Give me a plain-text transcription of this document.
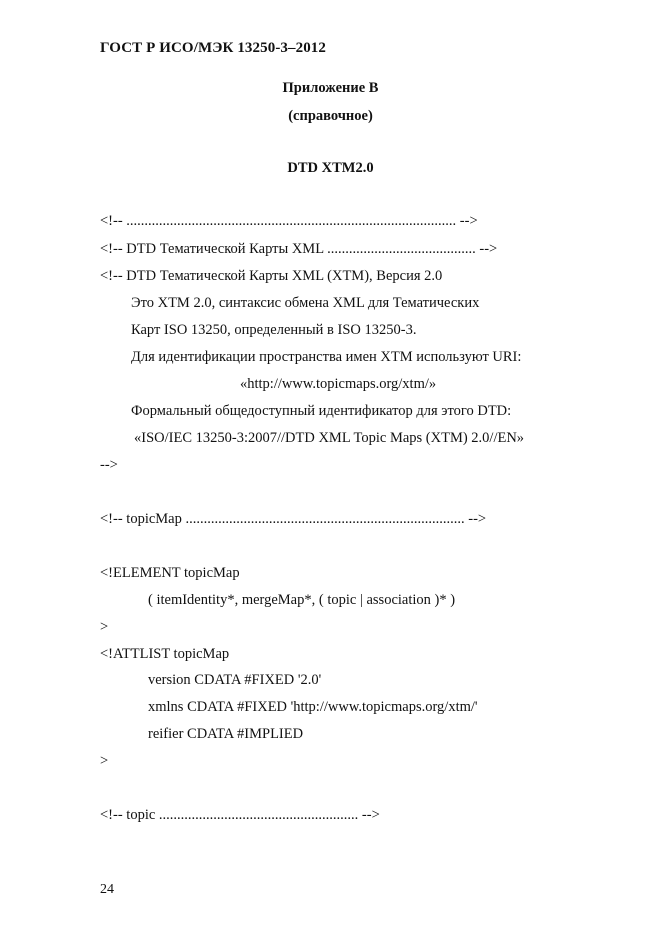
ГОСТ Р ИСО/МЭК 13250-3–2012
Приложение В
(справочное)
DTD XTM2.0
<!-- ........................................................................................... -->
<!-- DTD Тематической Карты XML ......................................... -->
<!-- DTD Тематической Карты XML (XTM), Версия 2.0
Это XTM 2.0, синтаксис обмена XML для Тематических
Карт ISO 13250, определенный в ISO 13250-3.
Для идентификации пространства имен XTM используют URI:
«http://www.topicmaps.org/xtm/»
Формальный общедоступный идентификатор для этого DTD:
«ISO/IEC 13250-3:2007//DTD XML Topic Maps (XTM) 2.0//EN»
-->
<!-- topicMap ............................................................................. -->
<!ELEMENT topicMap
( itemIdentity*, mergeMap*, ( topic | association )* )
>
<!ATTLIST topicMap
version CDATA #FIXED '2.0'
xmlns CDATA #FIXED 'http://www.topicmaps.org/xtm/'
reifier CDATA #IMPLIED
>
<!-- topic ....................................................... -->
24
